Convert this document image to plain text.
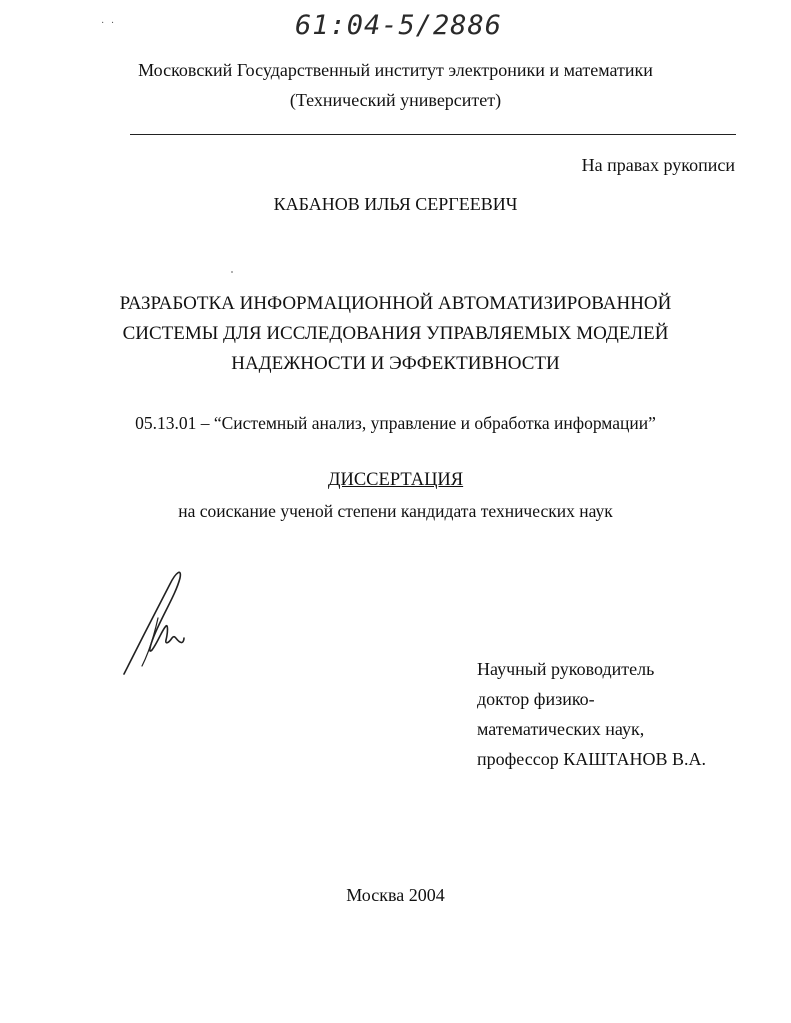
· ·	61:04-5/2886
Московский Государственный институт электроники и математики
(Технический университет)
На правах рукописи
КАБАНОВ ИЛЬЯ СЕРГЕЕВИЧ
РАЗРАБОТКА ИНФОРМАЦИОННОЙ АВТОМАТИЗИРОВАННОЙ
СИСТЕМЫ ДЛЯ ИССЛЕДОВАНИЯ УПРАВЛЯЕМЫХ МОДЕЛЕЙ
НАДЕЖНОСТИ И ЭФФЕКТИВНОСТИ
05.13.01 – “Системный анализ, управление и обработка информации”
ДИССЕРТАЦИЯ
на соискание ученой степени кандидата технических наук
Научный руководитель
доктор физико-
математических наук,
профессор КАШТАНОВ В.А.
Москва 2004
